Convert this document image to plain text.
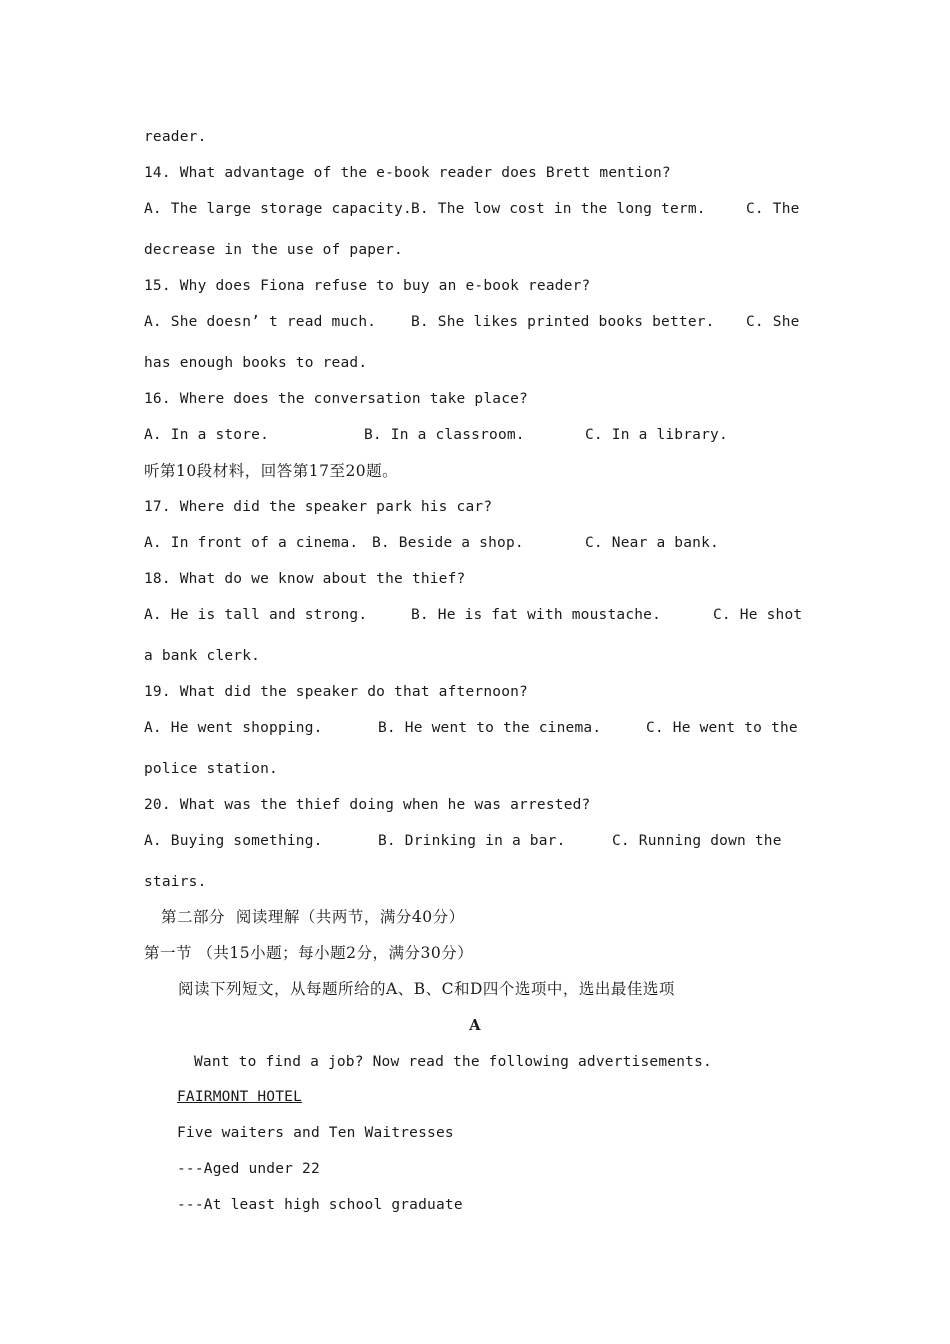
reader.
14. What advantage of the e-book reader does Brett mention?

A. The large storage capacity.

B. The low cost in the long term.

	C. The

decrease in the use of paper.
15. Why does Fiona refuse to buy an e-book reader?

A. She doesn’ t read much.

B. She likes printed books better.

C. She

has enough books to read.
16. Where does the conversation take place?

A. In a store.

	B. In a classroom.

	C. In a library.

听第10段材料，回答第17至20题。
17. Where did the speaker park his car?

A. In front of a cinema.

B. Beside a shop.

	C. Near a bank.

18. What do we know about the thief?

A. He is tall and strong.

	B. He is fat with moustache.

	C. He shot

a bank clerk.
19. What did the speaker do that afternoon?

A. He went shopping.

	B. He went to the cinema.

	C. He went to the

police station.
20. What was the thief doing when he was arrested?

A. Buying something.

	B. Drinking in a bar.

	C. Running down the

stairs.
第二部分  阅读理解（共两节，满分40分）
第一节 （共15小题；每小题2分，满分30分）
阅读下列短文，从每题所给的A、B、C和D四个选项中，选出最佳选项
A
Want to find a job? Now read the following advertisements.
FAIRMONT HOTEL
Five waiters and Ten Waitresses
---Aged under 22
---At least high school graduate
